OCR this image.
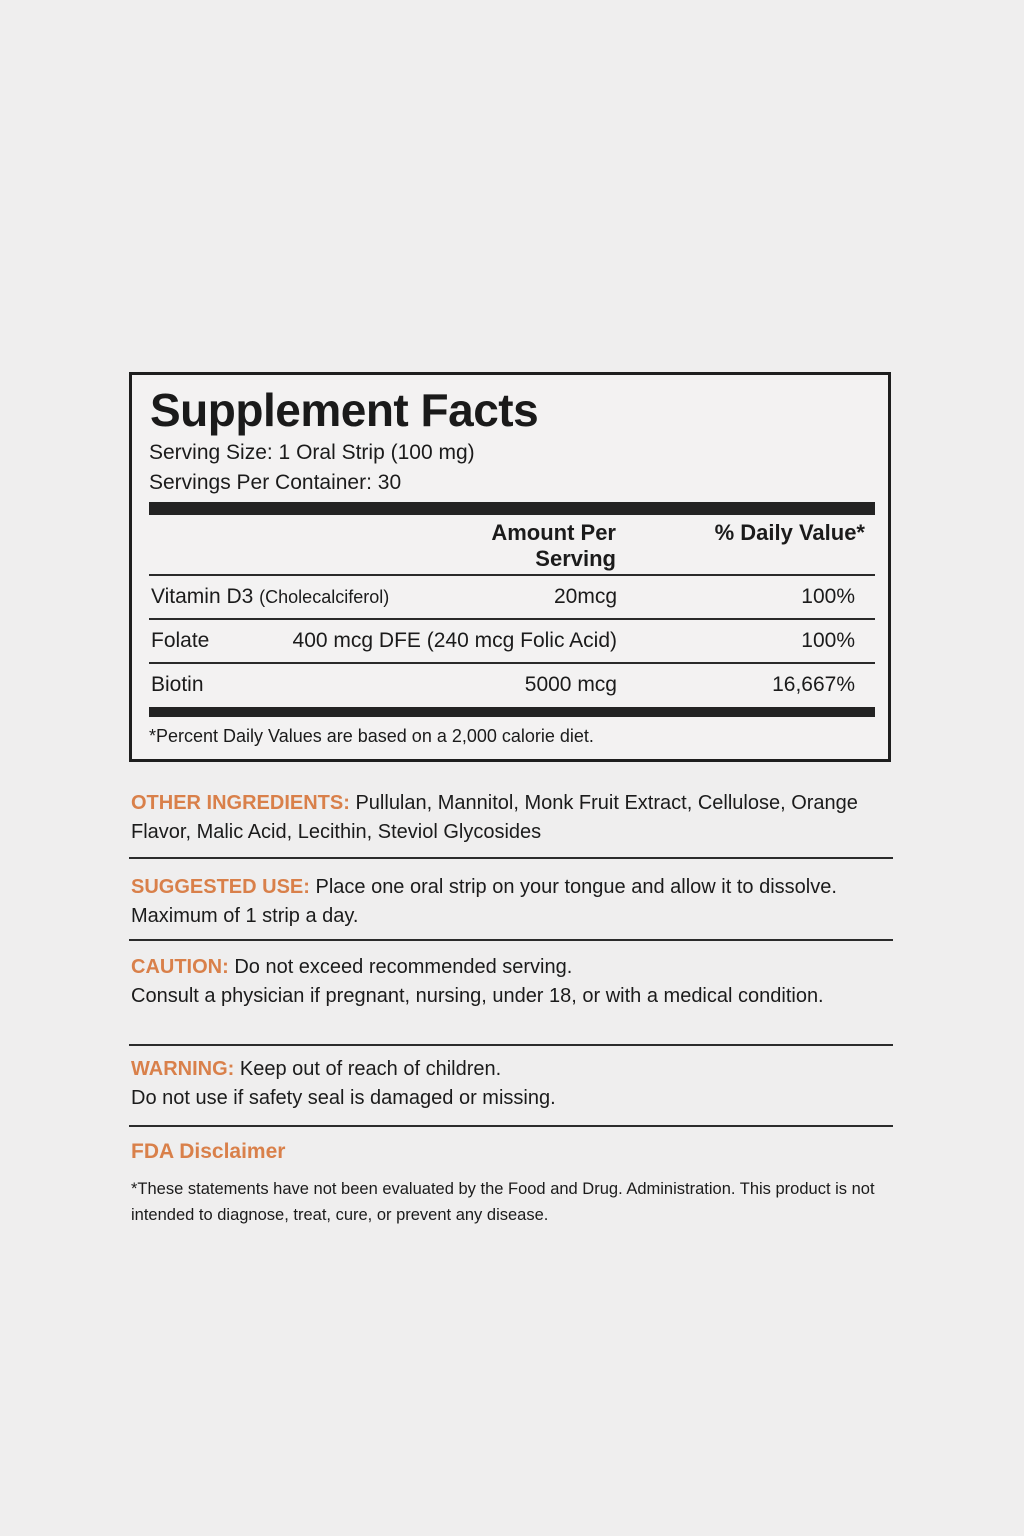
Supplement Facts
Serving Size: 1 Oral Strip (100 mg)
Servings Per Container: 30
Amount Per
Serving
% Daily Value*
Vitamin D3 (Cholecalciferol)	20mcg	100%
Folate	400 mcg DFE (240 mcg Folic Acid)	100%
Biotin	5000 mcg	16,667%
*Percent Daily Values are based on a 2,000 calorie diet.
OTHER INGREDIENTS: Pullulan, Mannitol, Monk Fruit Extract, Cellulose, Orange Flavor, Malic Acid, Lecithin, Steviol Glycosides
SUGGESTED USE: Place one oral strip on your tongue and allow it to dissolve. Maximum of 1 strip a day.
CAUTION: Do not exceed recommended serving.
Consult a physician if pregnant, nursing, under 18, or with a medical condition.
WARNING: Keep out of reach of children.
Do not use if safety seal is damaged or missing.
FDA Disclaimer
*These statements have not been evaluated by the Food and Drug. Administration. This product is not intended to diagnose, treat, cure, or prevent any disease.
